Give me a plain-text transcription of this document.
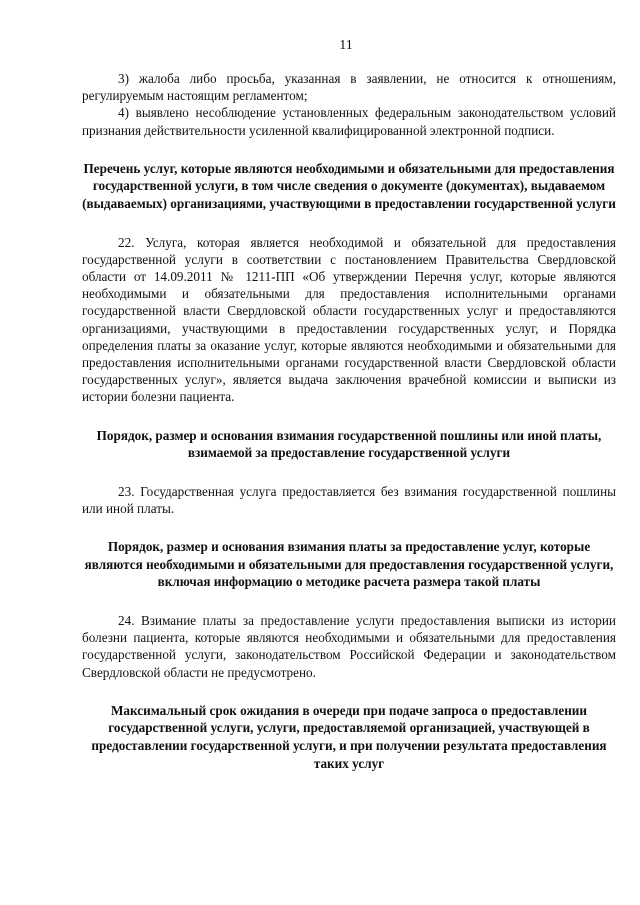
11

3) жалоба либо просьба, указанная в заявлении, не относится к отношениям, регулируемым настоящим регламентом;

4) выявлено несоблюдение установленных федеральным законодательством условий признания действительности усиленной квалифицированной электронной подписи.

Перечень услуг, которые являются необходимыми и обязательными для предоставления государственной услуги, в том числе сведения о документе (документах), выдаваемом (выдаваемых) организациями, участвующими в предоставлении государственной услуги

22. Услуга, которая является необходимой и обязательной для предоставления государственной услуги в соответствии с постановлением Правительства Свердловской области от 14.09.2011 № 1211-ПП «Об утверждении Перечня услуг, которые являются необходимыми и обязательными для предоставления исполнительными органами государственной власти Свердловской области государственных услуг и предоставляются организациями, участвующими в предоставлении государственных услуг, и Порядка определения платы за оказание услуг, которые являются необходимыми и обязательными для предоставления исполнительными органами государственной власти Свердловской области государственных услуг», является выдача заключения врачебной комиссии и выписки из истории болезни пациента.

Порядок, размер и основания взимания государственной пошлины или иной платы, взимаемой за предоставление государственной услуги

23. Государственная услуга предоставляется без взимания государственной пошлины или иной платы.

Порядок, размер и основания взимания платы за предоставление услуг, которые являются необходимыми и обязательными для предоставления государственной услуги, включая информацию о методике расчета размера такой платы

24. Взимание платы за предоставление услуги предоставления выписки из истории болезни пациента, которые являются необходимыми и обязательными для предоставления государственной услуги, законодательством Российской Федерации и законодательством Свердловской области не предусмотрено.

Максимальный срок ожидания в очереди при подаче запроса о предоставлении государственной услуги, услуги, предоставляемой организацией, участвующей в предоставлении государственной услуги, и при получении результата предоставления таких услуг
